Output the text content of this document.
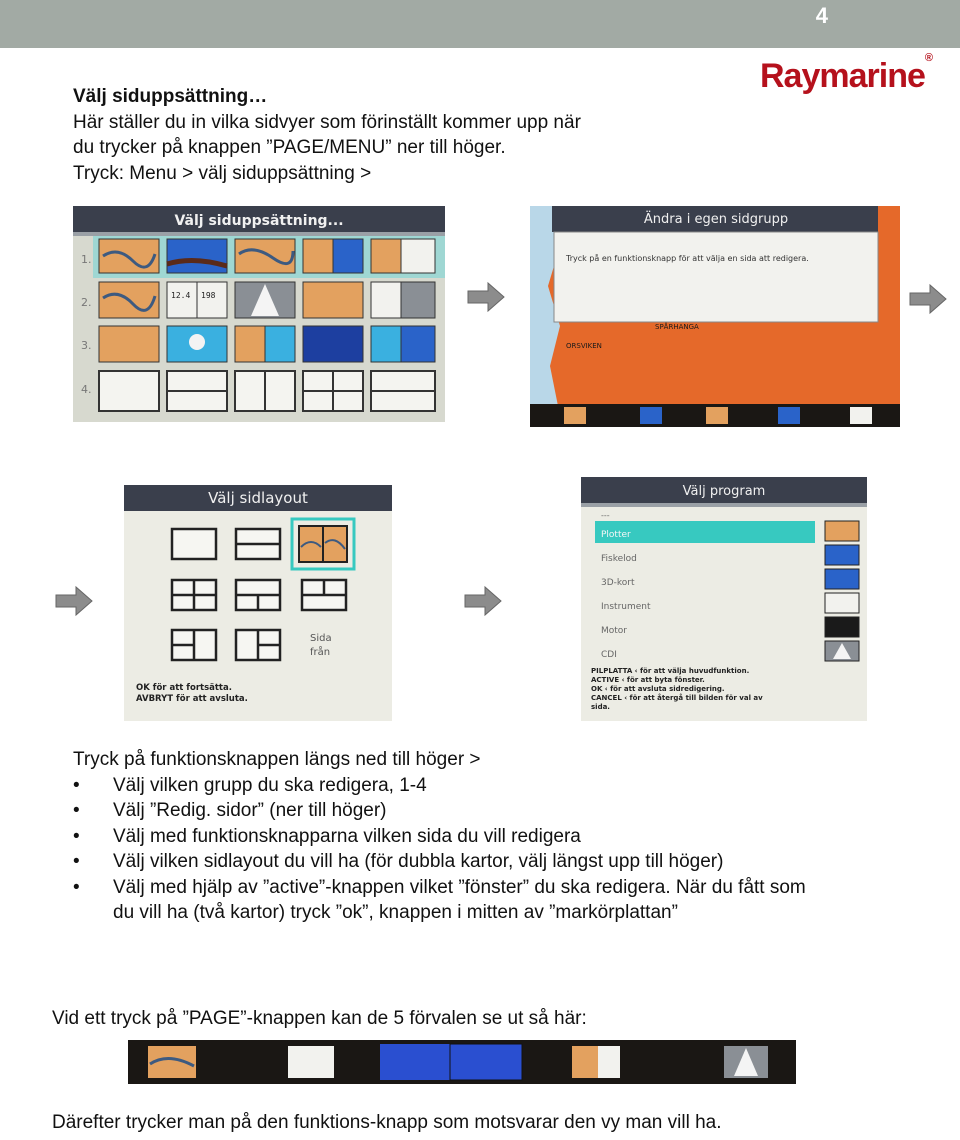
4
Raymarine®
Välj siduppsättning…
Här ställer du in vilka sidvyer som förinställt kommer upp när
du trycker på knappen ”PAGE/MENU” ner till höger.
Tryck: Menu > välj siduppsättning >
1.
2.
3.
4.
12.4 198
Välj siduppsättning...
SPÅRHANGA
ORSVIKEN
Ändra i egen sidgrupp
Tryck på en funktionsknapp för att välja en sida att redigera.
Välj sidlayout
Sida
från
OK för att fortsätta.
AVBRYT för att avsluta.
Välj program
---
Plotter
Fiskelod
3D-kort
Instrument
Motor
CDI
PILPLATTA ‹ för att välja huvudfunktion.
ACTIVE ‹ för att byta fönster.
OK ‹ för att avsluta sidredigering.
CANCEL ‹ för att återgå till bilden för val av
sida.
Tryck på funktionsknappen längs ned till höger >
• Välj vilken grupp du ska redigera, 1-4
• Välj ”Redig. sidor” (ner till höger)
• Välj med funktionsknapparna vilken sida du vill redigera
• Välj vilken sidlayout du vill ha (för dubbla kartor, välj längst upp till höger)
• Välj med hjälp av ”active”-knappen vilket ”fönster” du ska redigera. När du fått som du vill ha (två kartor) tryck ”ok”, knappen i mitten av ”markörplattan”
Vid ett tryck på ”PAGE”-knappen kan de 5 förvalen se ut så här:
Därefter trycker man på den funktions-knapp som motsvarar den vy man vill ha.
